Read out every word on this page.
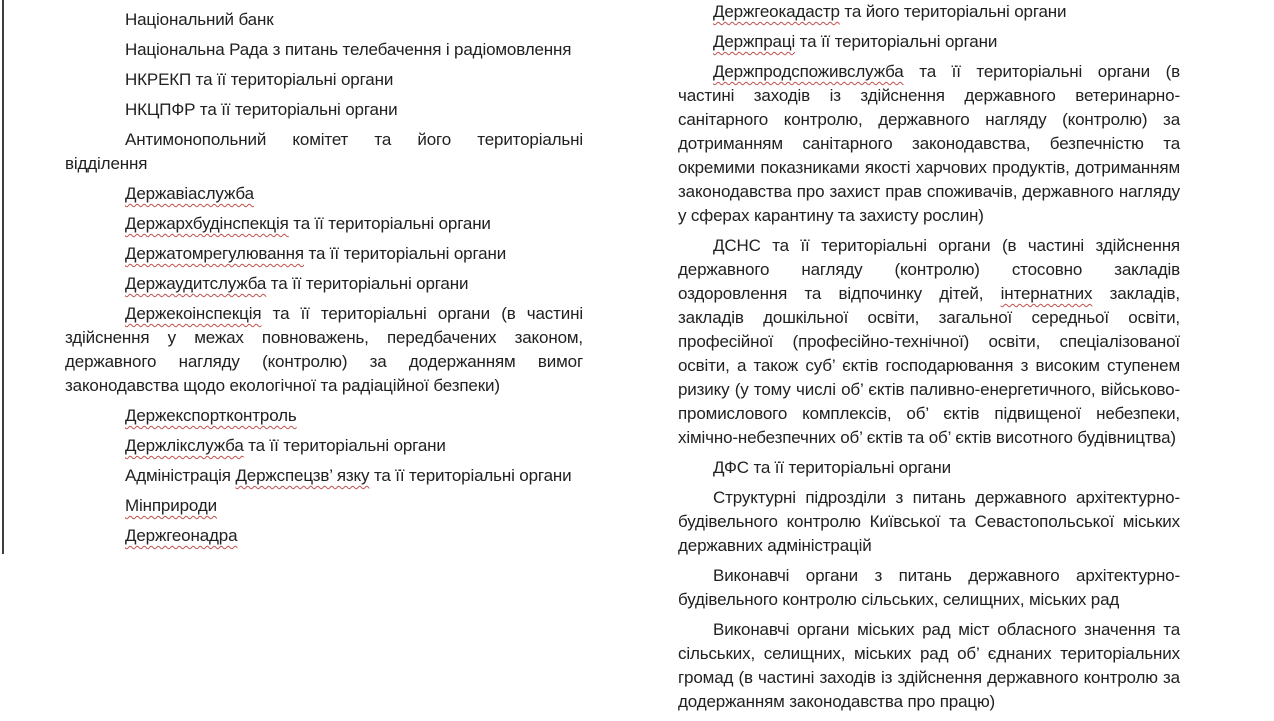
Національний банк

Національна Рада з питань телебачення і радіомовлення

НКРЕКП та її територіальні органи

НКЦПФР та її територіальні органи

Антимонопольний комітет та його територіальні відділення

Державіаслужба

Держархбудінспекція та її територіальні органи

Держатомрегулювання та її територіальні органи

Держаудитслужба та її територіальні органи

Держекоінспекція та її територіальні органи (в частині здійснення у межах повноважень, передбачених законом, державного нагляду (контролю) за додержанням вимог законодавства щодо екологічної та радіаційної безпеки)

Держекспортконтроль

Держлікслужба та її територіальні органи

Адміністрація Держспецзв’ язку та її територіальні органи

Мінприроди

Держгеонадра

Держгеокадастр та його територіальні органи

Держпраці та її територіальні органи

Держпродспоживслужба та її територіальні органи (в частині заходів із здійснення державного ветеринарно-санітарного контролю, державного нагляду (контролю) за дотриманням санітарного законодавства, безпечністю та окремими показниками якості харчових продуктів, дотриманням законодавства про захист прав споживачів, державного нагляду у сферах карантину та захисту рослин)

ДСНС та її територіальні органи (в частині здійснення державного нагляду (контролю) стосовно закладів оздоровлення та відпочинку дітей, інтернатних закладів, закладів дошкільної освіти, загальної середньої освіти, професійної (професійно-технічної) освіти, спеціалізованої освіти, а також суб’ єктів господарювання з високим ступенем ризику (у тому числі об’ єктів паливно-енергетичного, військово-промислового комплексів, об’ єктів підвищеної небезпеки, хімічно-небезпечних об’ єктів та об’ єктів висотного будівництва)

ДФС та її територіальні органи

Структурні підрозділи з питань державного архітектурно-будівельного контролю Київської та Севастопольської міських державних адміністрацій

Виконавчі органи з питань державного архітектурно-будівельного контролю сільських, селищних, міських рад

Виконавчі органи міських рад міст обласного значення та сільських, селищних, міських рад об’ єднаних територіальних громад (в частині заходів із здійснення державного контролю за додержанням законодавства про працю)
